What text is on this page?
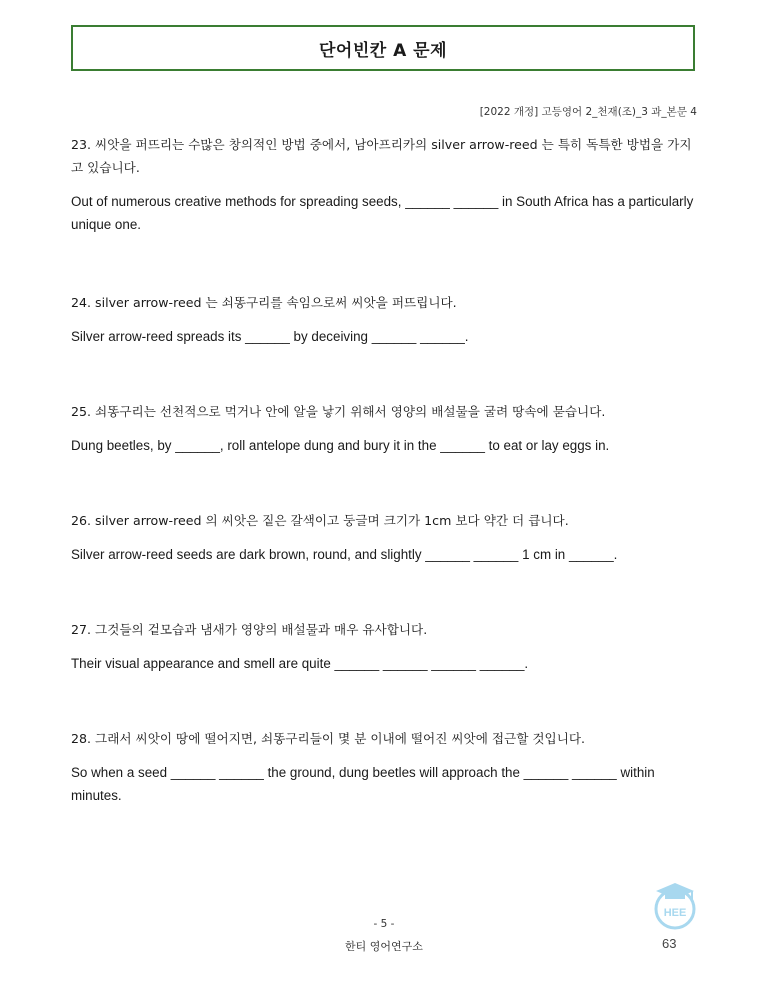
단어빈칸 A 문제
[2022 개정] 고등영어 2_천재(조)_3 과_본문 4

23. 씨앗을 퍼뜨리는 수많은 창의적인 방법 중에서, 남아프리카의 silver arrow-reed 는 특히 독특한 방법을 가지고 있습니다.

Out of numerous creative methods for spreading seeds, ______ ______ in South Africa has a particularly unique one.

24. silver arrow-reed 는 쇠똥구리를 속임으로써 씨앗을 퍼뜨립니다.

Silver arrow-reed spreads its ______ by deceiving ______ ______.

25. 쇠똥구리는 선천적으로 먹거나 안에 알을 낳기 위해서 영양의 배설물을 굴려 땅속에 묻습니다.

Dung beetles, by ______, roll antelope dung and bury it in the ______ to eat or lay eggs in.

26. silver arrow-reed 의 씨앗은 짙은 갈색이고 둥글며 크기가 1cm 보다 약간 더 큽니다.

Silver arrow-reed seeds are dark brown, round, and slightly ______ ______ 1 cm in ______.

27. 그것들의 겉모습과 냄새가 영양의 배설물과 매우 유사합니다.

Their visual appearance and smell are quite ______ ______ ______ ______.

28. 그래서 씨앗이 땅에 떨어지면, 쇠똥구리들이 몇 분 이내에 떨어진 씨앗에 접근할 것입니다.

So when a seed ______ ______ the ground, dung beetles will approach the ______ ______ within minutes.

- 5 -
한티 영어연구소
HEE
63
